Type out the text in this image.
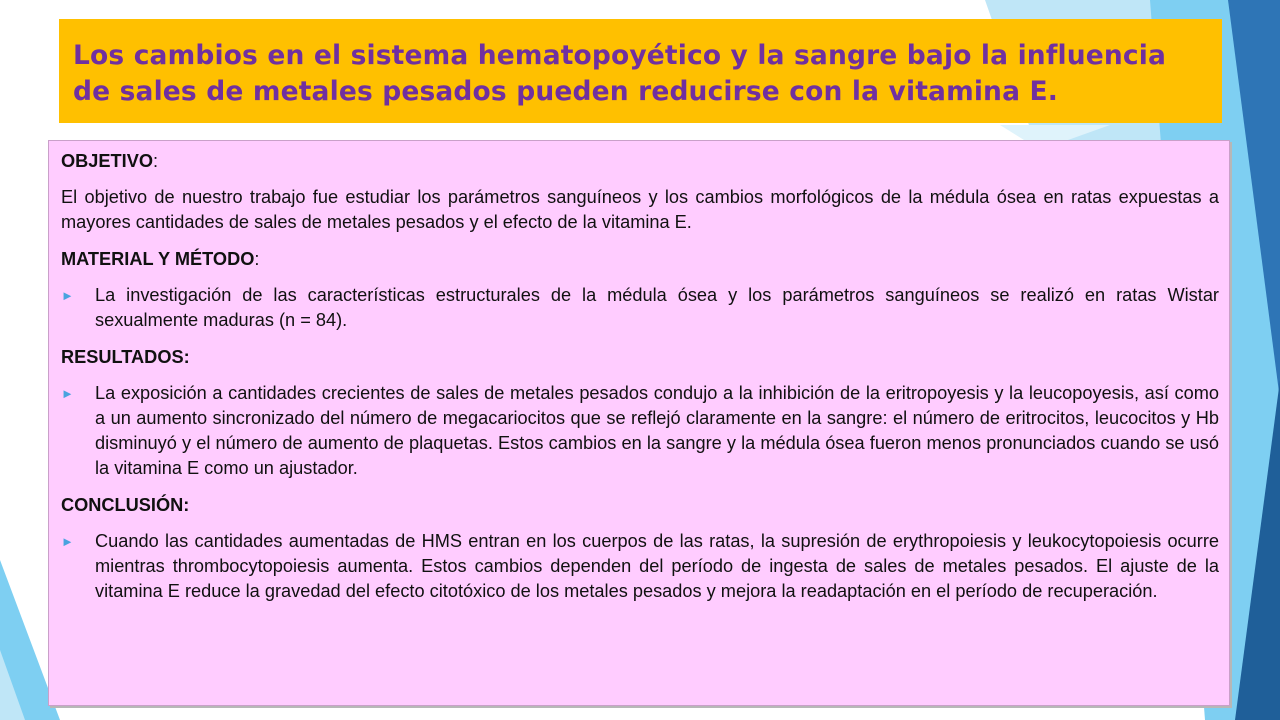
Los cambios en el sistema hematopoyético y la sangre bajo la influencia de sales de metales pesados pueden reducirse con la vitamina E.
OBJETIVO:

El objetivo de nuestro trabajo fue estudiar los parámetros sanguíneos y los cambios morfológicos de la médula ósea en ratas expuestas a mayores cantidades de sales de metales pesados y el efecto de la vitamina E.

MATERIAL Y MÉTODO:
►	La investigación de las características estructurales de la médula ósea y los parámetros sanguíneos se realizó en ratas Wistar sexualmente maduras (n = 84).
RESULTADOS:
►	La exposición a cantidades crecientes de sales de metales pesados condujo a la inhibición de la eritropoyesis y la leucopoyesis, así como a un aumento sincronizado del número de megacariocitos que se reflejó claramente en la sangre: el número de eritrocitos, leucocitos y Hb disminuyó y el número de aumento de plaquetas. Estos cambios en la sangre y la médula ósea fueron menos pronunciados cuando se usó la vitamina E como un ajustador.
CONCLUSIÓN:
►	Cuando las cantidades aumentadas de HMS entran en los cuerpos de las ratas, la supresión de erythropoiesis y leukocytopoiesis ocurre mientras thrombocytopoiesis aumenta. Estos cambios dependen del período de ingesta de sales de metales pesados. El ajuste de la vitamina E reduce la gravedad del efecto citotóxico de los metales pesados y mejora la readaptación en el período de recuperación.
